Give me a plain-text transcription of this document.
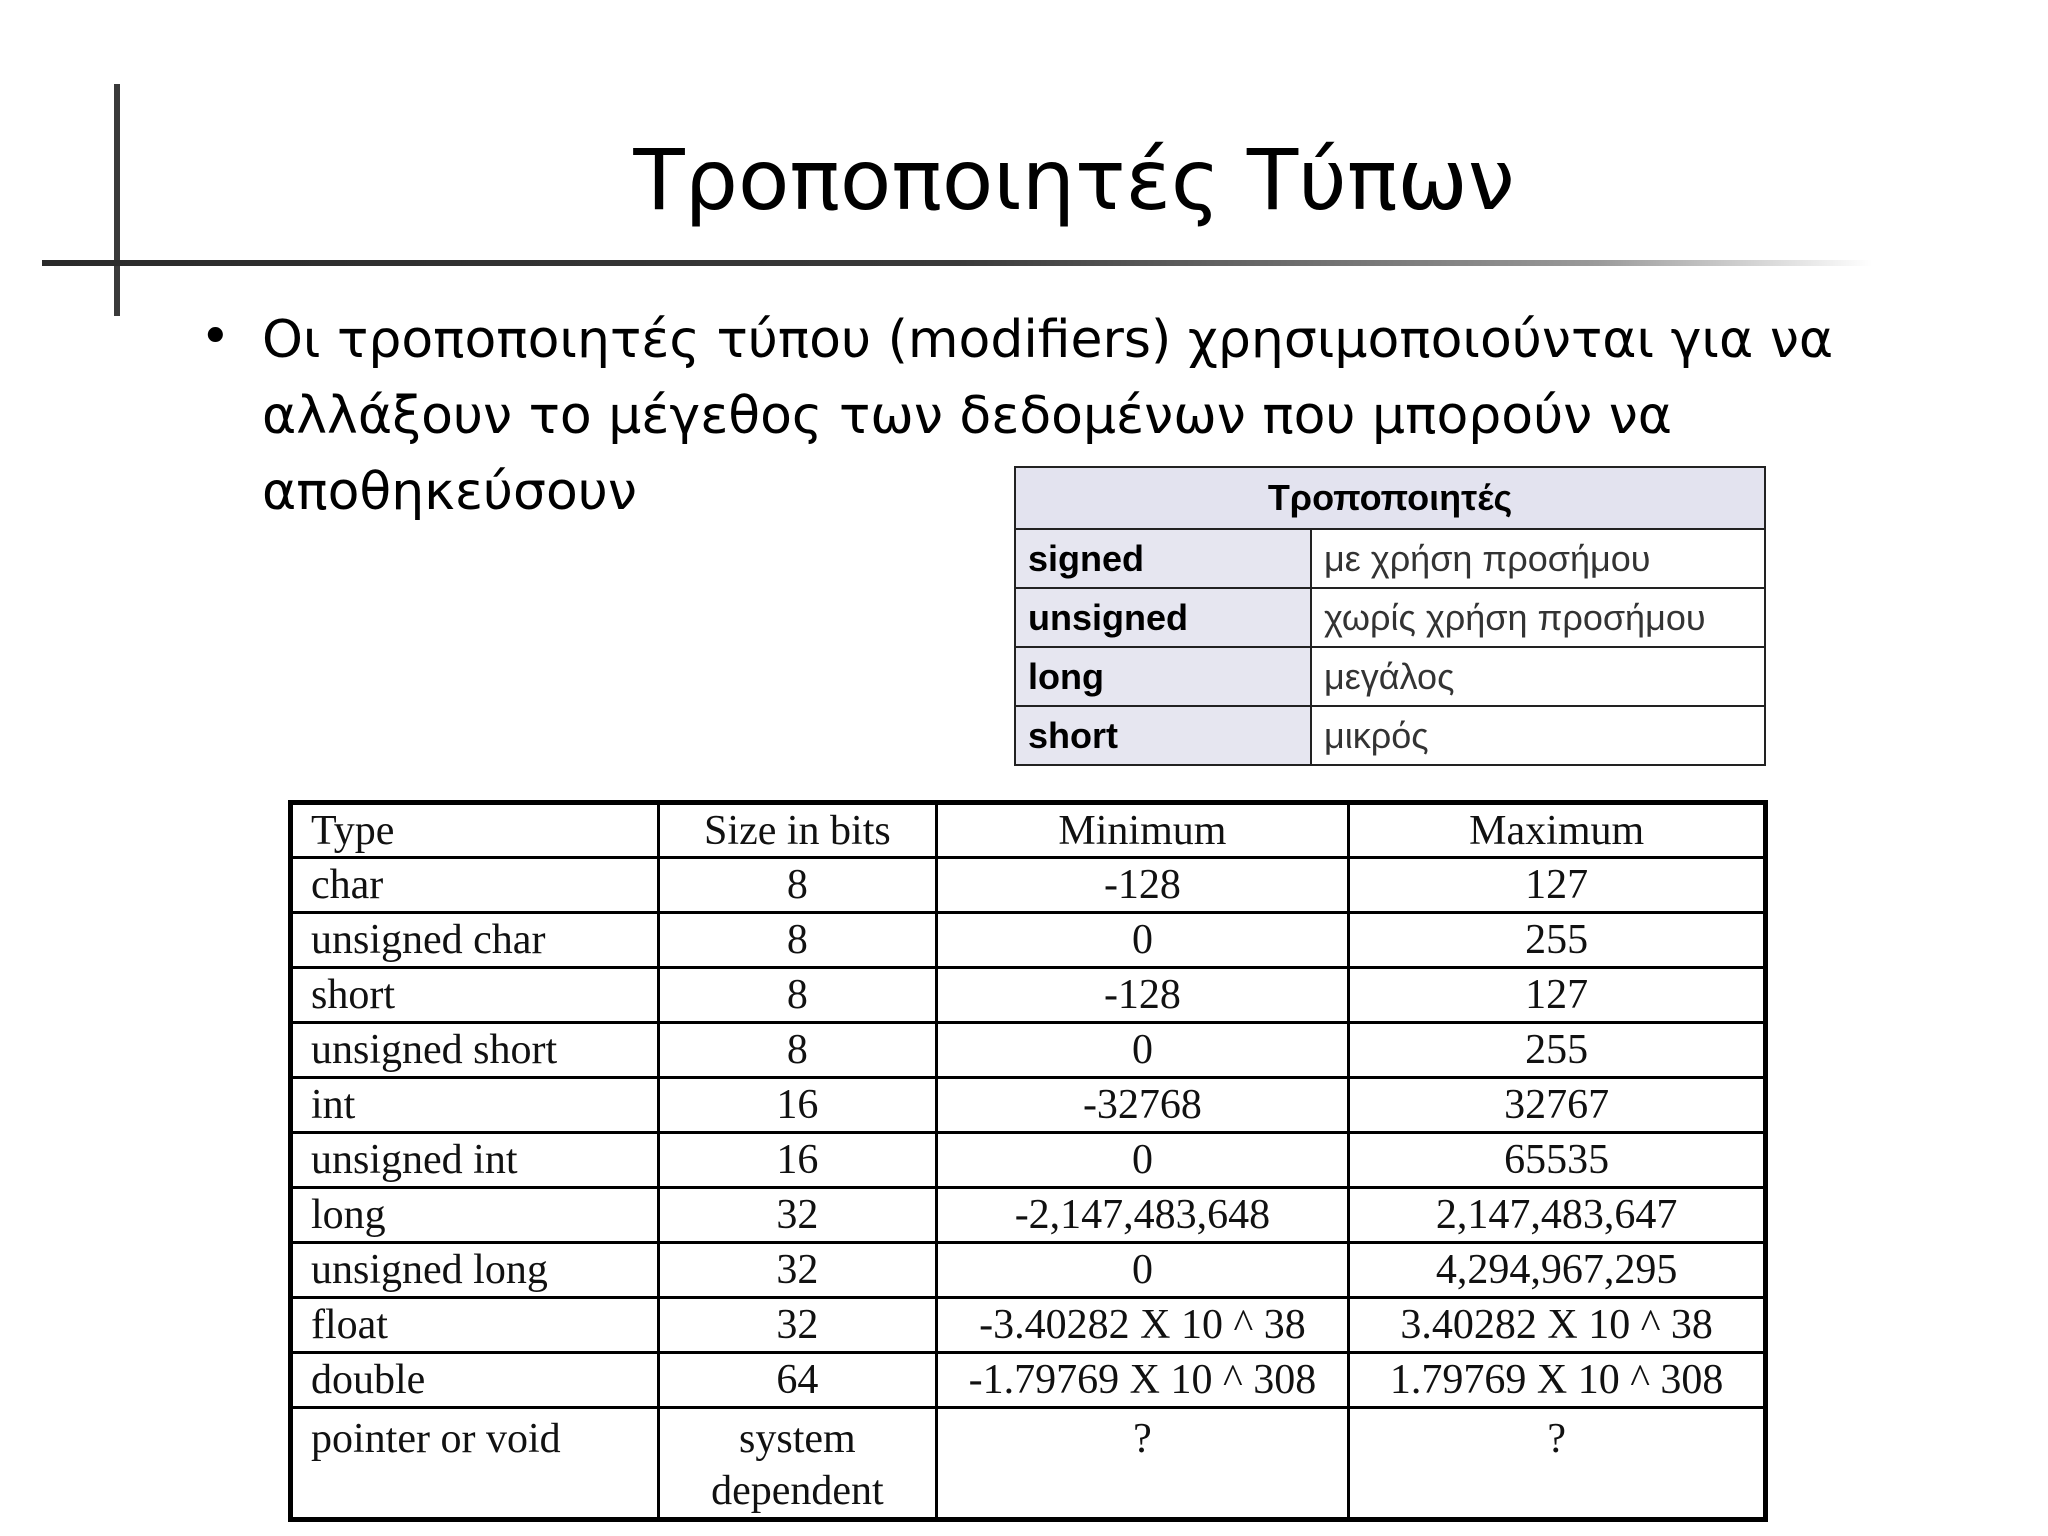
Τροποποιητές Τύπων
• Οι τροποποιητές τύπου (modifiers) χρησιμοποιούνται για να αλλάξουν το μέγεθος των δεδομένων που μπορούν να αποθηκεύσουν	Τροποποιητές	
signed	με χρήση προσήμου
unsigned	χωρίς χρήση προσήμου
long	μεγάλος
short	μικρός
Type	Size in bits	Minimum	Maximum
char	8	-128	127
unsigned char	8	0	255
short	8	-128	127
unsigned short	8	0	255
int	16	-32768	32767
unsigned int	16	0	65535
long	32	-2,147,483,648	2,147,483,647
unsigned long	32	0	4,294,967,295
float	32	-3.40282 X 10 ^ 38	3.40282 X 10 ^ 38
double	64	-1.79769 X 10 ^ 308	1.79769 X 10 ^ 308
pointer or void	system dependent	?	?
